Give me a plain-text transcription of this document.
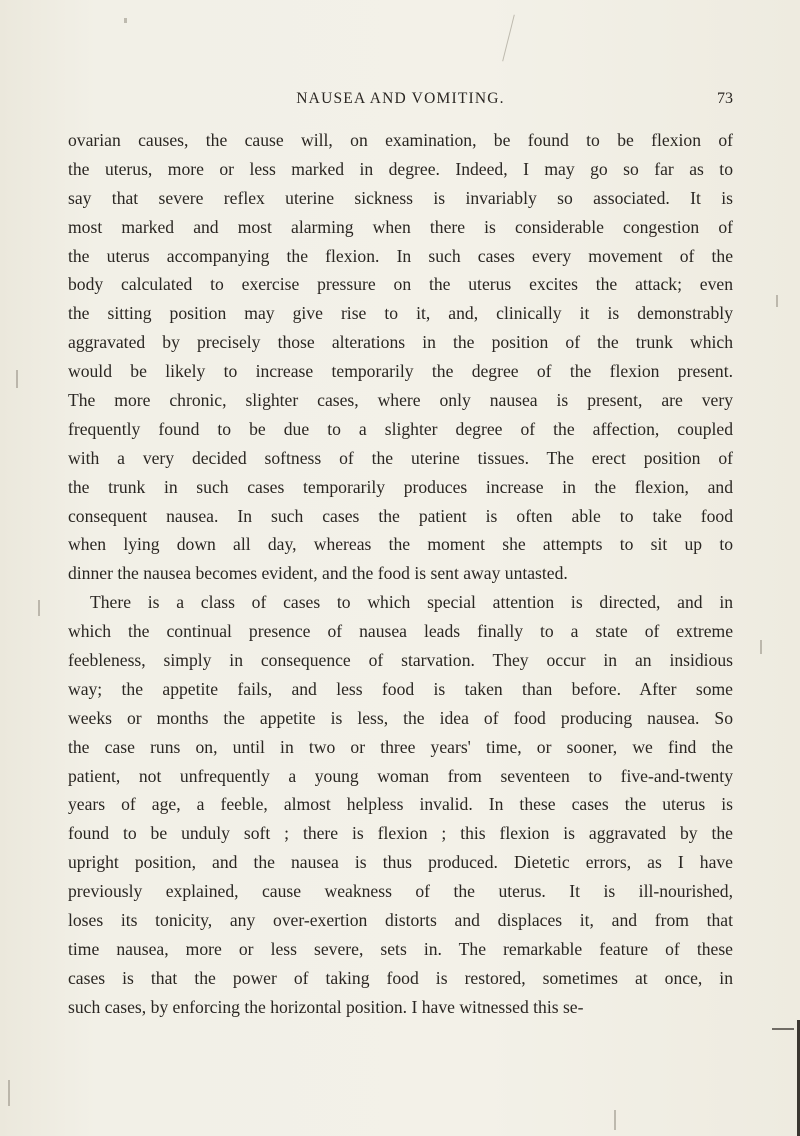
NAUSEA AND VOMITING.	73
ovarian causes, the cause will, on examination, be found to be flexion of
the uterus, more or less marked in degree. Indeed, I may go so far as to
say that severe reflex uterine sickness is invariably so associated. It is
most marked and most alarming when there is considerable congestion of
the uterus accompanying the flexion. In such cases every movement of the
body calculated to exercise pressure on the uterus excites the attack; even
the sitting position may give rise to it, and, clinically it is demonstrably
aggravated by precisely those alterations in the position of the trunk which
would be likely to increase temporarily the degree of the flexion present.
The more chronic, slighter cases, where only nausea is present, are very
frequently found to be due to a slighter degree of the affection, coupled
with a very decided softness of the uterine tissues. The erect position of
the trunk in such cases temporarily produces increase in the flexion, and
consequent nausea. In such cases the patient is often able to take food
when lying down all day, whereas the moment she attempts to sit up to
dinner the nausea becomes evident, and the food is sent away untasted.
There is a class of cases to which special attention is directed, and in
which the continual presence of nausea leads finally to a state of extreme
feebleness, simply in consequence of starvation. They occur in an insidious
way; the appetite fails, and less food is taken than before. After some
weeks or months the appetite is less, the idea of food producing nausea. So
the case runs on, until in two or three years' time, or sooner, we find the
patient, not unfrequently a young woman from seventeen to five-and-twenty
years of age, a feeble, almost helpless invalid. In these cases the uterus is
found to be unduly soft ; there is flexion ; this flexion is aggravated by the
upright position, and the nausea is thus produced. Dietetic errors, as I have
previously explained, cause weakness of the uterus. It is ill-nourished,
loses its tonicity, any over-exertion distorts and displaces it, and from that
time nausea, more or less severe, sets in. The remarkable feature of these
cases is that the power of taking food is restored, sometimes at once, in
such cases, by enforcing the horizontal position. I have witnessed this se-
